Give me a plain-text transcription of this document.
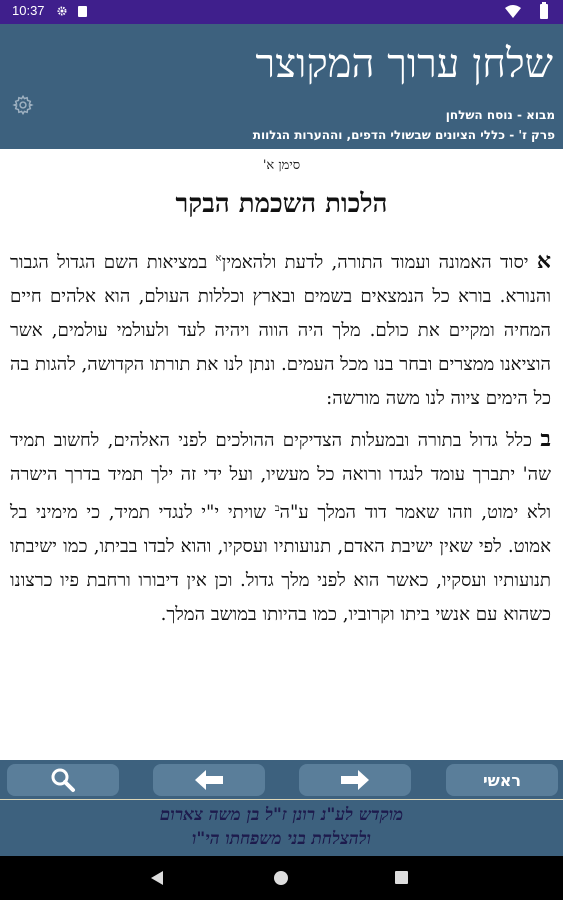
10:37
שלחן ערוך המקוצר
מבוא - נוסח השלחן
פרק ז' - כללי הציונים שבשולי הדפים, וההערות הגלוות
סימן א'
הלכות השכמת הבקר

א יסוד האמונה ועמוד התורה, לדעת ולהאמין$^א$ במציאות השם הגדול הגבור והנורא. בורא כל הנמצאים בשמים ובארץ וכללות העולם, הוא אלהים חיים המחיה ומקיים את כולם. מלך היה הווה ויהיה לעד ולעולמי עולמים, אשר הוציאנו ממצרים ובחר בנו מכל העמים. ונתן לנו את תורתו הקדושה, להגות בה כל הימים ציוה לנו משה מורשה:

ב כלל גדול בתורה ובמעלות הצדיקים ההולכים לפני האלהים, לחשוב תמיד שה' יתברך עומד לנגדו ורואה כל מעשיו, ועל ידי זה ילך תמיד בדרך הישרה ולא ימוט, וזהו שאמר דוד המלך ע"ה$^ב$ שויתי י"י לנגדי תמיד, כי מימיני בל אמוט. לפי שאין ישיבת האדם, תנועותיו ועסקיו, והוא לבדו בביתו, כמו ישיבתו תנועותיו ועסקיו, כאשר הוא לפני מלך גדול. וכן אין דיבורו ורחבת פיו כרצונו כשהוא עם אנשי ביתו וקרוביו, כמו בהיותו במושב המלך.

ראשי
מוקדש לע"נ רונן ז"ל בן משה צארום
ולהצלחת בני משפחתו הי"ו
